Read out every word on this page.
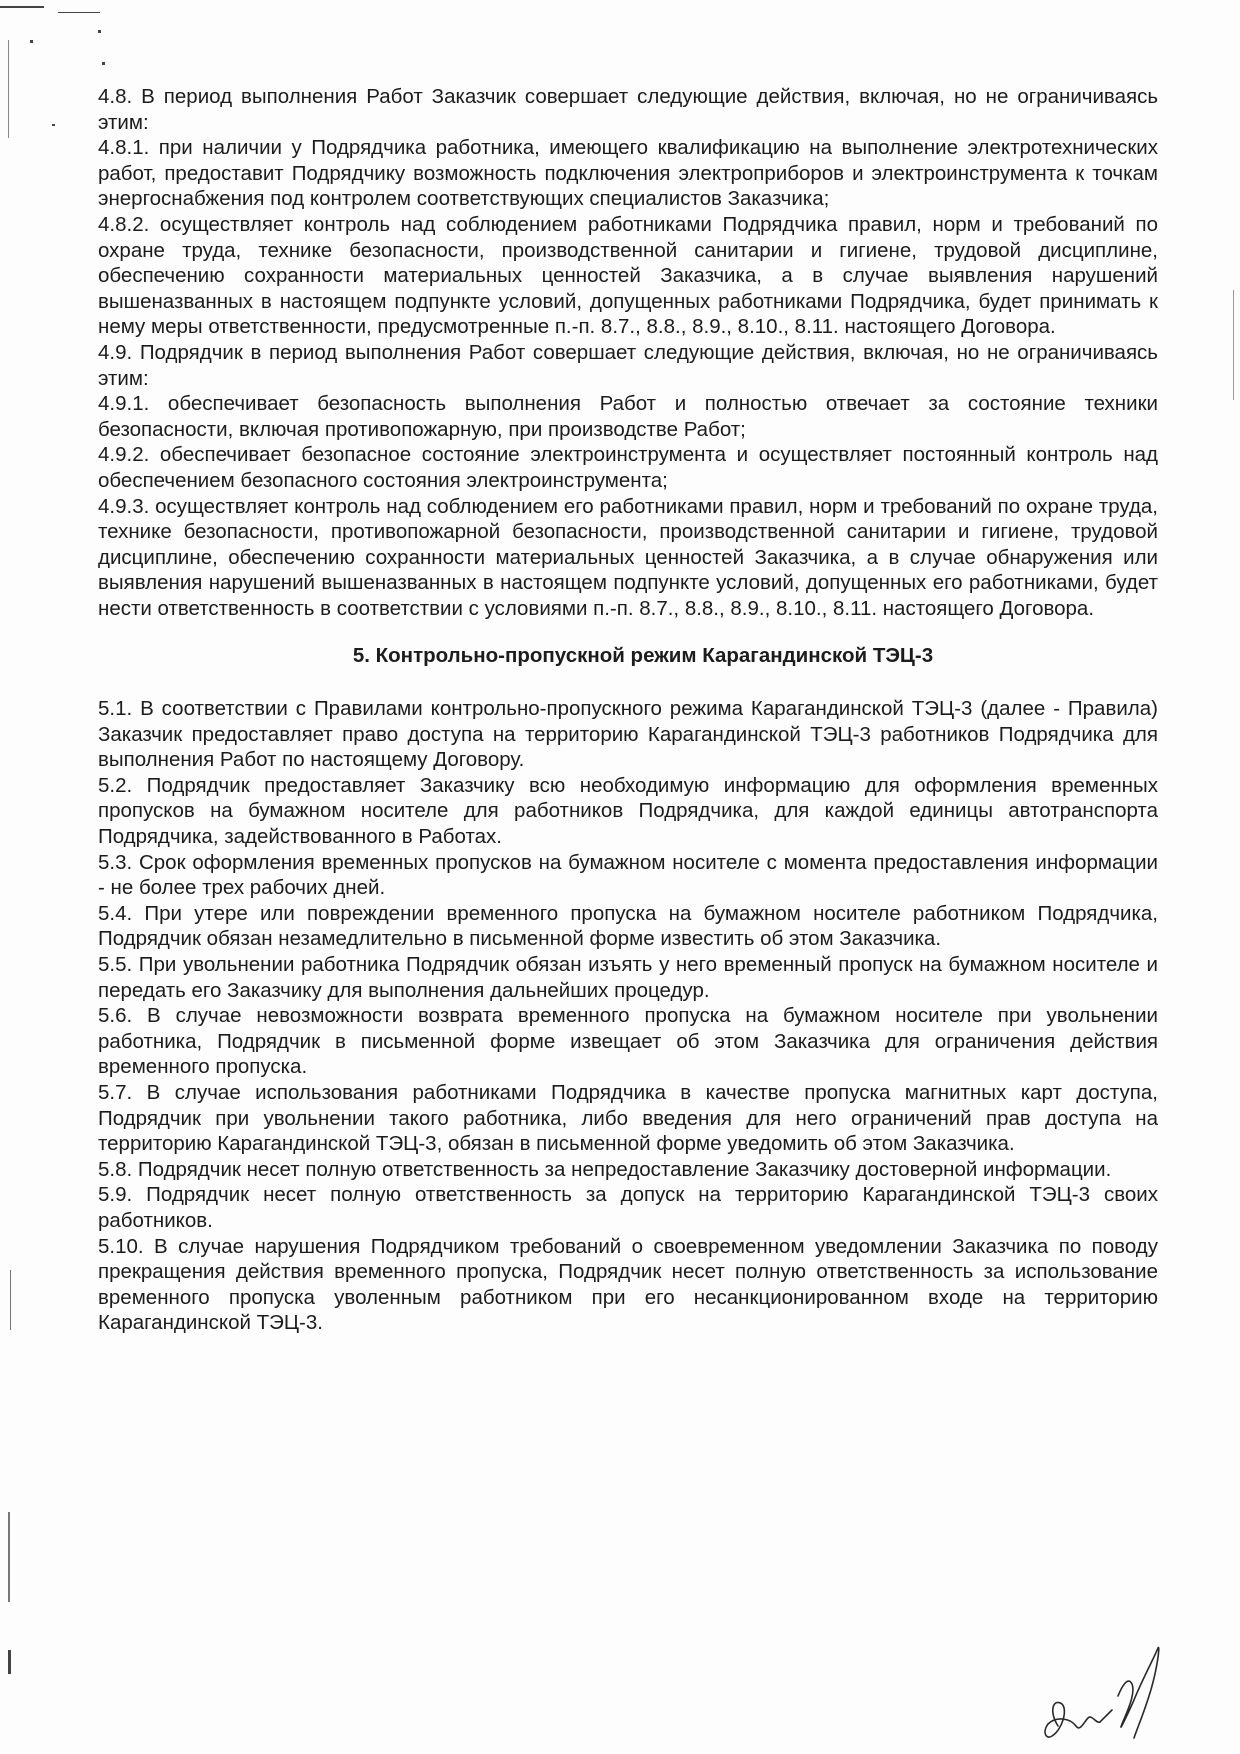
4.8. В период выполнения Работ Заказчик совершает следующие действия, включая, но не ограничиваясь этим:

4.8.1. при наличии у Подрядчика работника, имеющего квалификацию на выполнение электротехнических работ, предоставит Подрядчику возможность подключения электроприборов и электроинструмента к точкам энергоснабжения под контролем соответствующих специалистов Заказчика;

4.8.2. осуществляет контроль над соблюдением работниками Подрядчика правил, норм и требований по охране труда, технике безопасности, производственной санитарии и гигиене, трудовой дисциплине, обеспечению сохранности материальных ценностей Заказчика, а в случае выявления нарушений вышеназванных в настоящем подпункте условий, допущенных работниками Подрядчика, будет принимать к нему меры ответственности, предусмотренные п.-п. 8.7., 8.8., 8.9., 8.10., 8.11. настоящего Договора.

4.9. Подрядчик в период выполнения Работ совершает следующие действия, включая, но не ограничиваясь этим:

4.9.1. обеспечивает безопасность выполнения Работ и полностью отвечает за состояние техники безопасности, включая противопожарную, при производстве Работ;

4.9.2. обеспечивает безопасное состояние электроинструмента и осуществляет постоянный контроль над обеспечением безопасного состояния электроинструмента;

4.9.3. осуществляет контроль над соблюдением его работниками правил, норм и требований по охране труда, технике безопасности, противопожарной безопасности, производственной санитарии и гигиене, трудовой дисциплине, обеспечению сохранности материальных ценностей Заказчика, а в случае обнаружения или выявления нарушений вышеназванных в настоящем подпункте условий, допущенных его работниками, будет нести ответственность в соответствии с условиями п.-п. 8.7., 8.8., 8.9., 8.10., 8.11. настоящего Договора.

5. Контрольно-пропускной режим Карагандинской ТЭЦ-3

5.1. В соответствии с Правилами контрольно-пропускного режима Карагандинской ТЭЦ-3 (далее - Правила) Заказчик предоставляет право доступа на территорию Карагандинской ТЭЦ-3 работников Подрядчика для выполнения Работ по настоящему Договору.

5.2. Подрядчик предоставляет Заказчику всю необходимую информацию для оформления временных пропусков на бумажном носителе для работников Подрядчика, для каждой единицы автотранспорта Подрядчика, задействованного в Работах.

5.3. Срок оформления временных пропусков на бумажном носителе с момента предоставления информации - не более трех рабочих дней.

5.4. При утере или повреждении временного пропуска на бумажном носителе работником Подрядчика, Подрядчик обязан незамедлительно в письменной форме известить об этом Заказчика.

5.5. При увольнении работника Подрядчик обязан изъять у него временный пропуск на бумажном носителе и передать его Заказчику для выполнения дальнейших процедур.

5.6. В случае невозможности возврата временного пропуска на бумажном носителе при увольнении работника, Подрядчик в письменной форме извещает об этом Заказчика для ограничения действия временного пропуска.

5.7. В случае использования работниками Подрядчика в качестве пропуска магнитных карт доступа, Подрядчик при увольнении такого работника, либо введения для него ограничений прав доступа на территорию Карагандинской ТЭЦ-3, обязан в письменной форме уведомить об этом Заказчика.

5.8. Подрядчик несет полную ответственность за непредоставление Заказчику достоверной информации.

5.9. Подрядчик несет полную ответственность за допуск на территорию Карагандинской ТЭЦ-3 своих работников.

5.10. В случае нарушения Подрядчиком требований о своевременном уведомлении Заказчика по поводу прекращения действия временного пропуска, Подрядчик несет полную ответственность за использование временного пропуска уволенным работником при его несанкционированном входе на территорию Карагандинской ТЭЦ-3.
